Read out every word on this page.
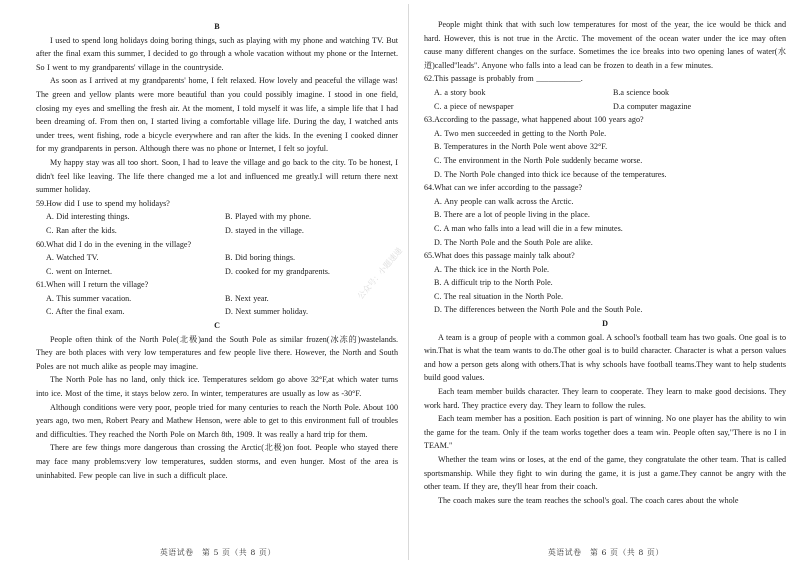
B

I used to spend long holidays doing boring things, such as playing with my phone and watching TV. But after the final exam this summer, I decided to go through a whole vacation without my phone or the Internet. So I went to my grandparents' village in the countryside.

As soon as I arrived at my grandparents' home, I felt relaxed. How lovely and peaceful the village was! The green and yellow plants were more beautiful than you could possibly imagine. I stood in one field, closing my eyes and smelling the fresh air. At the moment, I told myself it was life, a simple life that I had been dreaming of. From then on, I started living a comfortable village life. During the day, I watched ants under trees, went fishing, rode a bicycle everywhere and ran after the kids. In the evening I cooked dinner for my grandparents in person. Although there was no phone or Internet, I felt so joyful.

My happy stay was all too short. Soon, I had to leave the village and go back to the city. To be honest, I didn't feel like leaving. The life there changed me a lot and influenced me greatly.I will return there next summer holiday.

59.How did I use to spend my holidays?

A. Did interesting things.	B. Played with my phone.
C. Ran after the kids.	D. stayed in the village.

60.What did I do in the evening in the village?

A. Watched TV.	B. Did boring things.
C. went on Internet.	D. cooked for my grandparents.

61.When will I return the village?

A. This summer vacation.	B. Next year.
C. After the final exam.	D. Next summer holiday.

C

People often think of the North Pole(北极)and the South Pole as similar frozen(冰冻的)wastelands. They are both places with very low temperatures and few people live there. However, the North and South Poles are not much alike as people may imagine.

The North Pole has no land, only thick ice. Temperatures seldom go above 32°F,at which water turns into ice. Most of the time, it stays below zero. In winter, temperatures are usually as low as -30°F.

Although conditions were very poor, people tried for many centuries to reach the North Pole. About 100 years ago, two men, Robert Peary and Mathew Henson, were able to get to this environment full of troubles and difficulties. They reached the North Pole on March 8th, 1909. It was really a hard trip for them.

There are few things more dangerous than crossing the Arctic(北极)on foot. People who stayed there may face many problems:very low temperatures, sudden storms, and even hunger. Most of the area is uninhabited. Few people can live in such a difficult place.

公众号：小题速递

People might think that with such low temperatures for most of the year, the ice would be thick and hard. However, this is not true in the Arctic. The movement of the ocean water under the ice may often cause many different changes on the surface. Sometimes the ice breaks into two opening lanes of water(水道)called"leads". Anyone who falls into a lead can be frozen to death in a few minutes.

62.This passage is probably from ___________.

A. a story book	B.a science book
C. a piece of newspaper	D.a computer magazine

63.According to the passage, what happened about 100 years ago?

A. Two men succeeded in getting to the North Pole.
B. Temperatures in the North Pole went above 32°F.
C. The environment in the North Pole suddenly became worse.
D. The North Pole changed into thick ice because of the temperatures.

64.What can we infer according to the passage?

A. Any people can walk across the Arctic.
B. There are a lot of people living in the place.
C. A man who falls into a lead will die in a few minutes.
D. The North Pole and the South Pole are alike.

65.What does this passage mainly talk about?

A. The thick ice in the North Pole.
B. A difficult trip to the North Pole.
C. The real situation in the North Pole.
D. The differences between the North Pole and the South Pole.

D

A team is a group of people with a common goal. A school's football team has two goals. One goal is to win.That is what the team wants to do.The other goal is to build character. Character is what a person values and how a person gets along with others.That is why schools have football teams.They want to help students build good values.

Each team member builds character. They learn to cooperate. They learn to make good decisions. They work hard. They practice every day. They learn to follow the rules.

Each team member has a position. Each position is part of winning. No one player has the ability to win the game for the team. Only if the team works together does a team win. People often say,"There is no I in TEAM."

Whether the team wins or loses, at the end of the game, they congratulate the other team. That is called sportsmanship. While they fight to win during the game, it is just a game.They cannot be angry with the other team. If they are, they'll hear from their coach.

The coach makes sure the team reaches the school's goal. The coach cares about the whole

英语试卷　第 5 页（共 8 页）	英语试卷　第 6 页（共 8 页）
